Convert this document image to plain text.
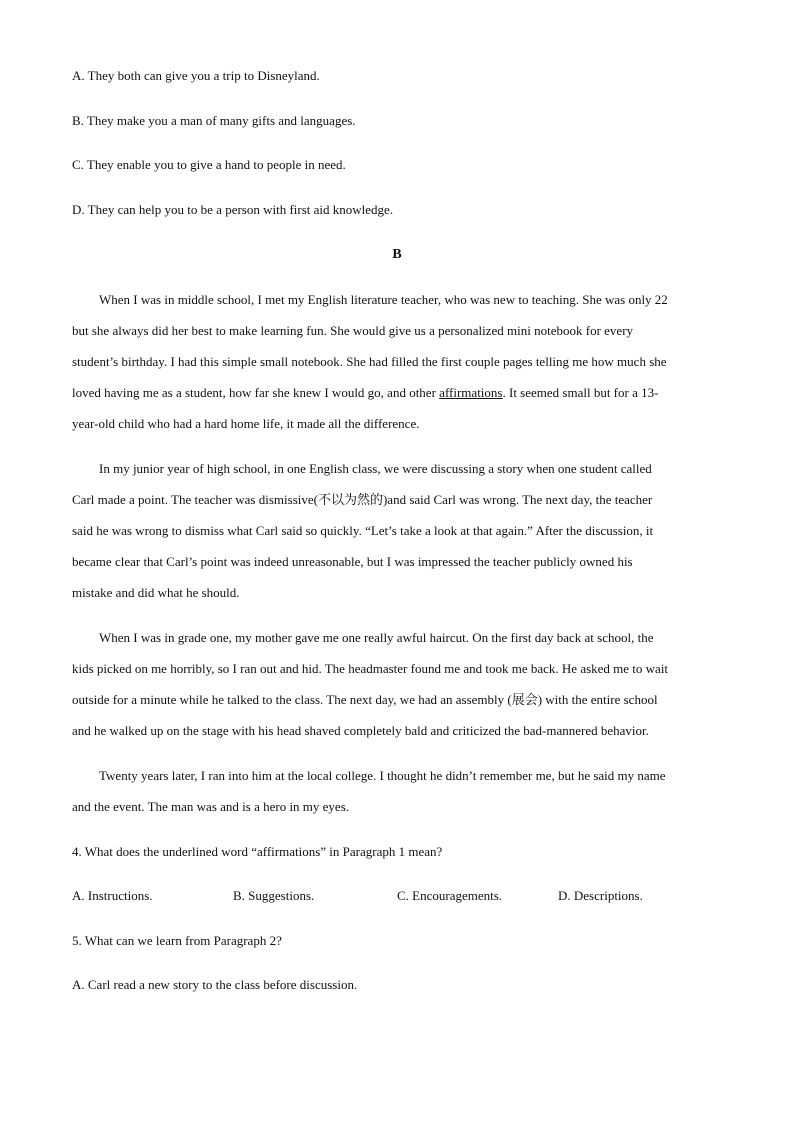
A. They both can give you a trip to Disneyland.
B. They make you a man of many gifts and languages.
C. They enable you to give a hand to people in need.
D. They can help you to be a person with first aid knowledge.
B
When I was in middle school, I met my English literature teacher, who was new to teaching. She was only 22
but she always did her best to make learning fun. She would give us a personalized mini notebook for every
student’s birthday. I had this simple small notebook. She had filled the first couple pages telling me how much she
loved having me as a student, how far she knew I would go, and other affirmations. It seemed small but for a 13-
year-old child who had a hard home life, it made all the difference.
In my junior year of high school, in one English class, we were discussing a story when one student called
Carl made a point. The teacher was dismissive(不以为然的)and said Carl was wrong. The next day, the teacher
said he was wrong to dismiss what Carl said so quickly. “Let’s take a look at that again.” After the discussion, it
became clear that Carl’s point was indeed unreasonable, but I was impressed the teacher publicly owned his
mistake and did what he should.
When I was in grade one, my mother gave me one really awful haircut. On the first day back at school, the
kids picked on me horribly, so I ran out and hid. The headmaster found me and took me back. He asked me to wait
outside for a minute while he talked to the class. The next day, we had an assembly (展会) with the entire school
and he walked up on the stage with his head shaved completely bald and criticized the bad-mannered behavior.
Twenty years later, I ran into him at the local college. I thought he didn’t remember me, but he said my name
and the event. The man was and is a hero in my eyes.
4. What does the underlined word “affirmations” in Paragraph 1 mean?
A. Instructions.	B. Suggestions.	C. Encouragements.	D. Descriptions.
5. What can we learn from Paragraph 2?
A. Carl read a new story to the class before discussion.
